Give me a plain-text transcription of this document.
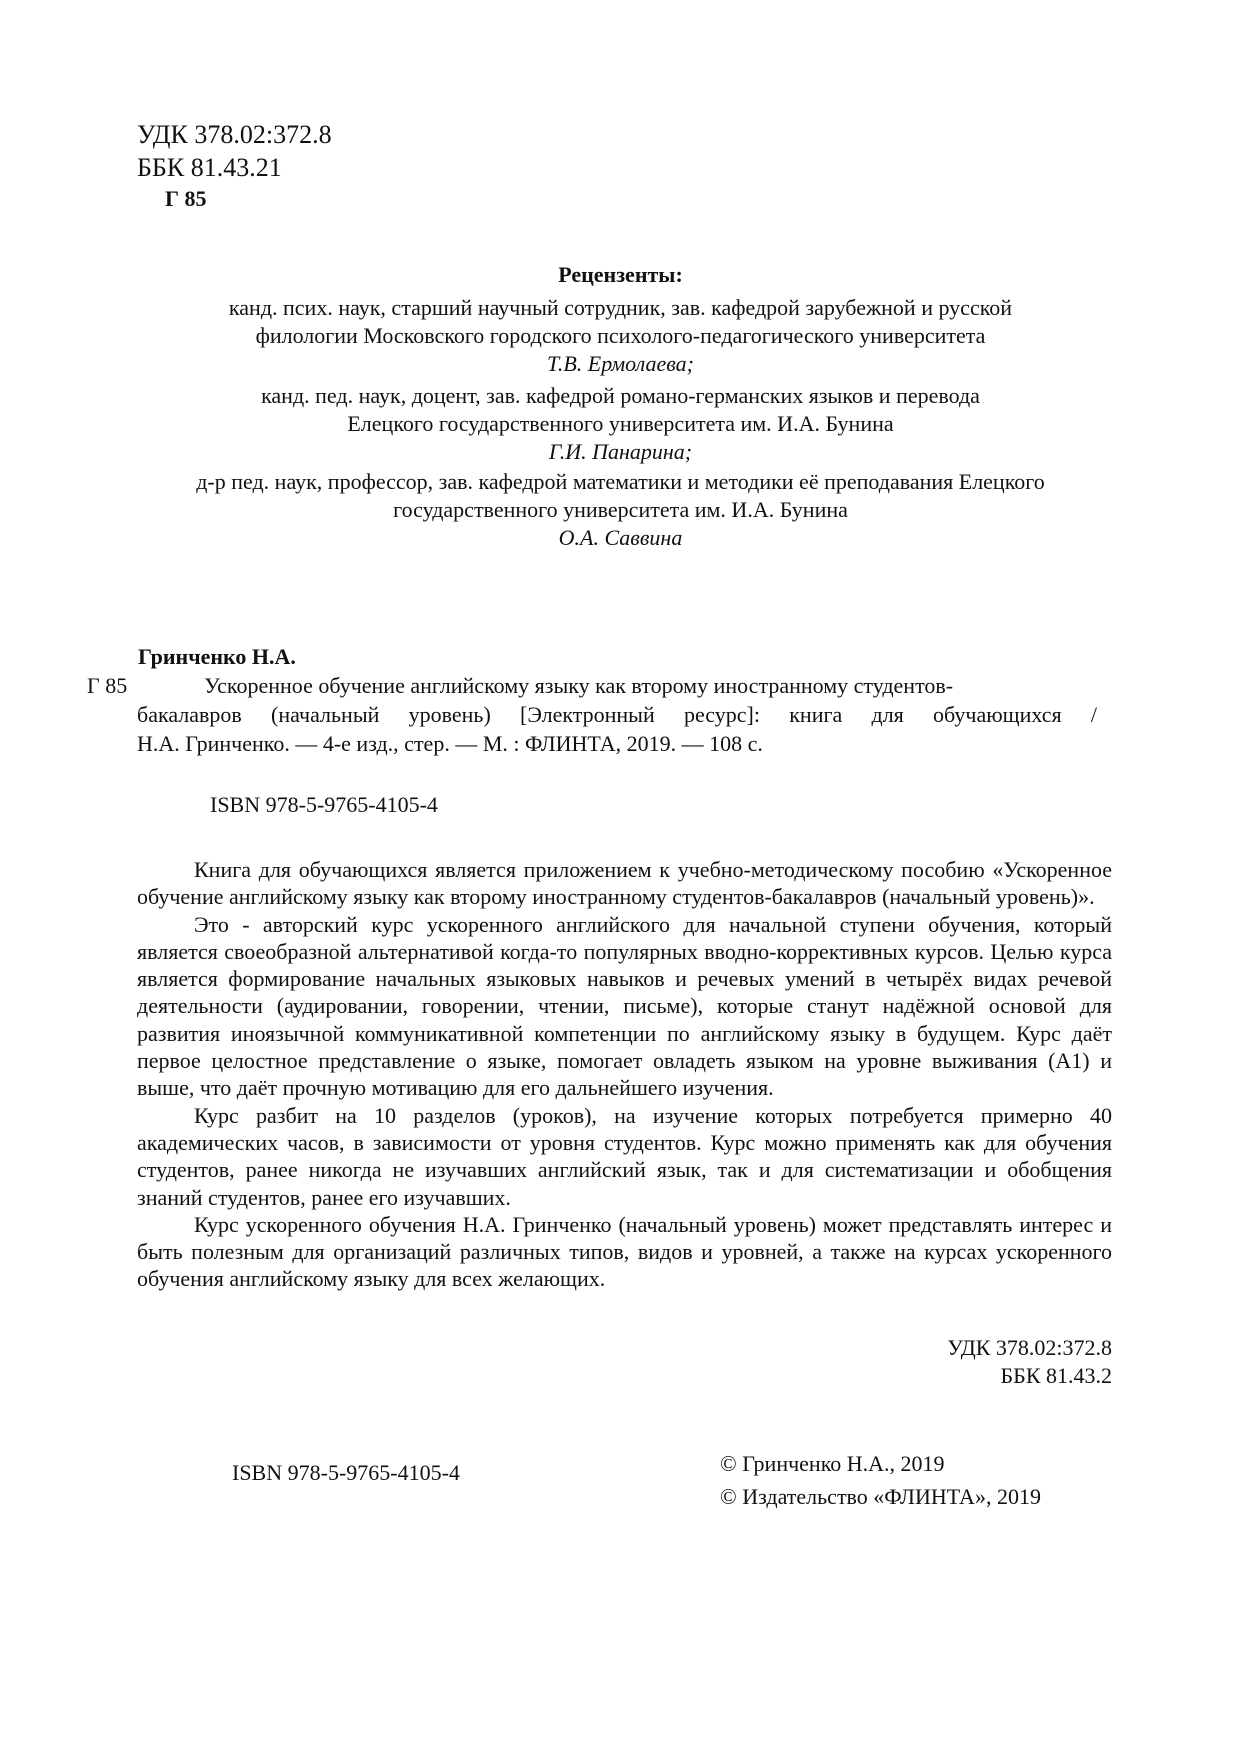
УДК 378.02:372.8
ББК 81.43.21
Г 85
Рецензенты:
канд. псих. наук, старший научный сотрудник, зав. кафедрой зарубежной и русской
филологии Московского городского психолого-педагогического университета
Т.В. Ермолаева;
канд. пед. наук, доцент, зав. кафедрой романо-германских языков и перевода
Елецкого государственного университета им. И.А. Бунина
Г.И. Панарина;
д-р пед. наук, профессор, зав. кафедрой математики и методики её преподавания Елецкого
государственного университета им. И.А. Бунина
О.А. Саввина
Гринченко Н.А.
Г 85	Ускоренное обучение английскому языку как второму иностранному студентов-
бакалавров (начальный уровень) [Электронный ресурс]: книга для обучающихся /
Н.А. Гринченко. — 4-е изд., стер. — М. : ФЛИНТА, 2019. — 108 с.
ISBN 978-5-9765-4105-4

Книга для обучающихся является приложением к учебно-методическому пособию «Ускоренное обучение английскому языку как второму иностранному студентов-бакалавров (начальный уровень)».

Это - авторский курс ускоренного английского для начальной ступени обучения, который является своеобразной альтернативой когда-то популярных вводно-коррективных курсов. Целью курса является формирование начальных языковых навыков и речевых умений в четырёх видах речевой деятельности (аудировании, говорении, чтении, письме), которые станут надёжной основой для развития иноязычной коммуникативной компетенции по английскому языку в будущем. Курс даёт первое целостное представление о языке, помогает овладеть языком на уровне выживания (А1) и выше, что даёт прочную мотивацию для его дальнейшего изучения.

Курс разбит на 10 разделов (уроков), на изучение которых потребуется примерно 40 академических часов, в зависимости от уровня студентов. Курс можно применять как для обучения студентов, ранее никогда не изучавших английский язык, так и для систематизации и обобщения знаний студентов, ранее его изучавших.

Курс ускоренного обучения Н.А. Гринченко (начальный уровень) может представлять интерес и быть полезным для организаций различных типов, видов и уровней, а также на курсах ускоренного обучения английскому языку для всех желающих.

УДК 378.02:372.8
ББК 81.43.2
ISBN 978-5-9765-4105-4	© Гринченко Н.А., 2019
© Издательство «ФЛИНТА», 2019
